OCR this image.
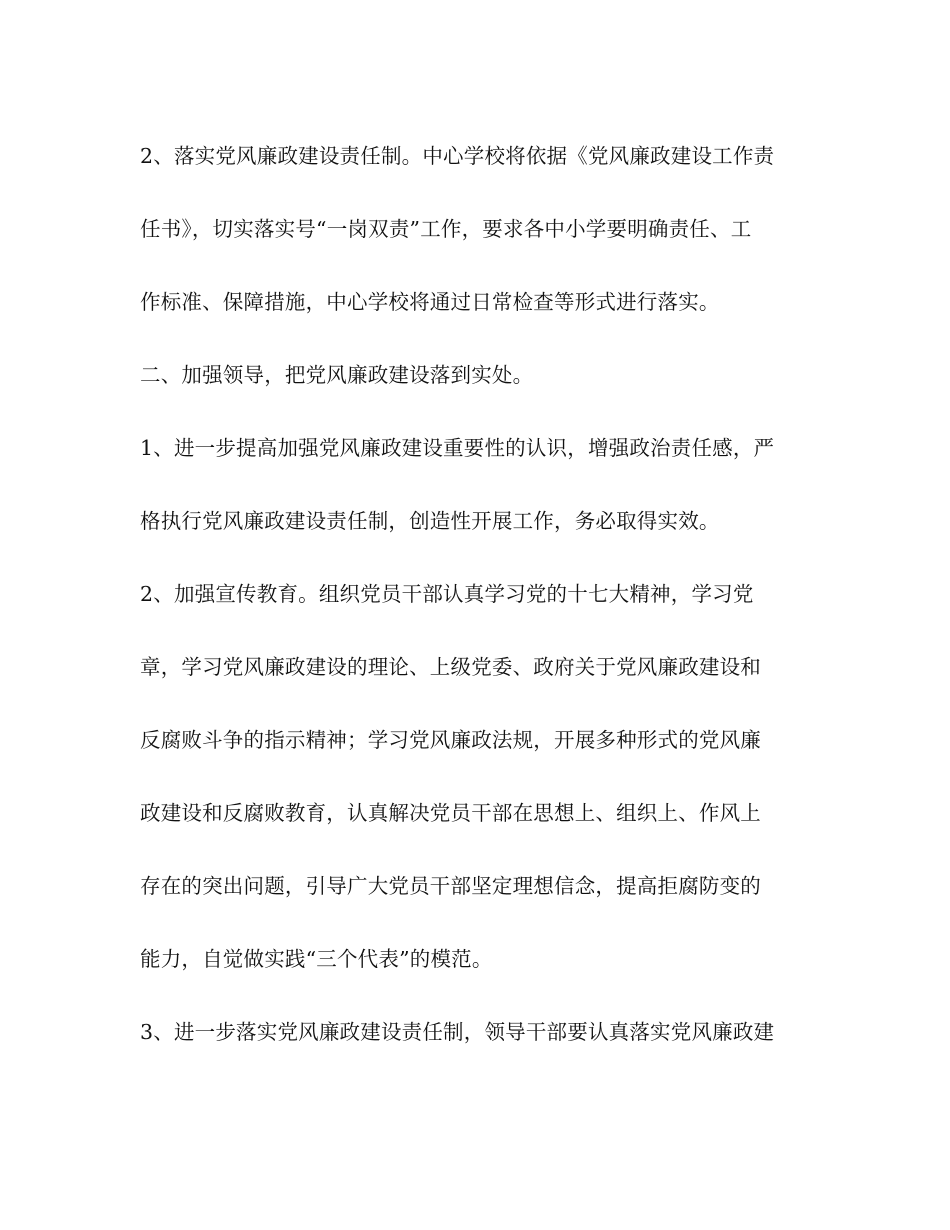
2、落实党风廉政建设责任制。中心学校将依据《党风廉政建设工作责
任书》，切实落实号“一岗双责”工作，要求各中小学要明确责任、工
作标准、保障措施，中心学校将通过日常检查等形式进行落实。
二、加强领导，把党风廉政建设落到实处。
1、进一步提高加强党风廉政建设重要性的认识，增强政治责任感，严
格执行党风廉政建设责任制，创造性开展工作，务必取得实效。
2、加强宣传教育。组织党员干部认真学习党的十七大精神，学习党
章，学习党风廉政建设的理论、上级党委、政府关于党风廉政建设和
反腐败斗争的指示精神；学习党风廉政法规，开展多种形式的党风廉
政建设和反腐败教育，认真解决党员干部在思想上、组织上、作风上
存在的突出问题，引导广大党员干部坚定理想信念，提高拒腐防变的
能力，自觉做实践“三个代表”的模范。
3、进一步落实党风廉政建设责任制，领导干部要认真落实党风廉政建
